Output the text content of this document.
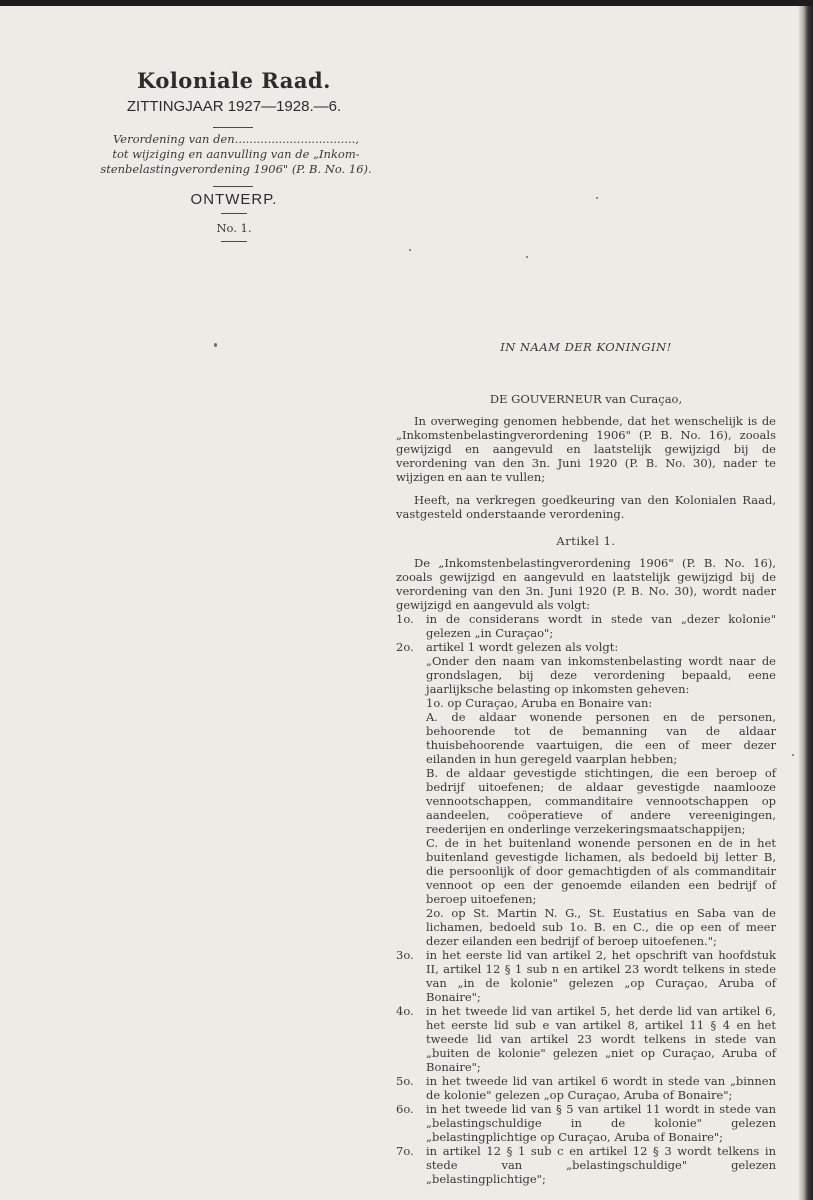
Koloniale Raad.
ZITTINGJAAR 1927—1928.—6.
Verordening van den.................................,
tot wijziging en aanvulling van de „Inkom-
stenbelastingverordening 1906" (P. B. No. 16).
ONTWERP.
No. 1.
IN NAAM DER KONINGIN!
DE GOUVERNEUR van Curaçao,
In overweging genomen hebbende, dat het wenschelijk is de „Inkomstenbelastingverordening 1906" (P. B. No. 16), zooals gewijzigd en aangevuld en laatstelijk gewijzigd bij de verordening van den 3n. Juni 1920 (P. B. No. 30), nader te wijzigen en aan te vullen;
Heeft, na verkregen goedkeuring van den Kolonialen Raad, vastgesteld onderstaande verordening.
Artikel 1.
De „Inkomstenbelastingverordening 1906" (P. B. No. 16), zooals gewijzigd en aangevuld en laatstelijk gewijzigd bij de verordening van den 3n. Juni 1920 (P. B. No. 30), wordt nader gewijzigd en aangevuld als volgt:
1o.	in de considerans wordt in stede van „dezer kolonie" gelezen „in Curaçao";
2o.	artikel 1 wordt gelezen als volgt:
„Onder den naam van inkomstenbelasting wordt naar de grondslagen, bij deze verordening bepaald, eene jaarlijksche belasting op inkomsten geheven:
1o. op Curaçao, Aruba en Bonaire van:
A. de aldaar wonende personen en de personen, behoorende tot de bemanning van de aldaar thuisbehoorende vaartuigen, die een of meer dezer eilanden in hun geregeld vaarplan hebben;
B. de aldaar gevestigde stichtingen, die een beroep of bedrijf uitoefenen; de aldaar gevestigde naamlooze vennootschappen, commanditaire vennootschappen op aandeelen, coöperatieve of andere vereenigingen, reederijen en onderlinge verzekeringsmaatschappijen;
C. de in het buitenland wonende personen en de in het buitenland gevestigde lichamen, als bedoeld bij letter B, die persoonlijk of door gemachtigden of als commanditair vennoot op een der genoemde eilanden een bedrijf of beroep uitoefenen;
2o. op St. Martin N. G., St. Eustatius en Saba van de lichamen, bedoeld sub 1o. B. en C., die op een of meer dezer eilanden een bedrijf of beroep uitoefenen.";
3o.	in het eerste lid van artikel 2, het opschrift van hoofdstuk II, artikel 12 § 1 sub n en artikel 23 wordt telkens in stede van „in de kolonie" gelezen „op Curaçao, Aruba of Bonaire";
4o.	in het tweede lid van artikel 5, het derde lid van artikel 6, het eerste lid sub e van artikel 8, artikel 11 § 4 en het tweede lid van artikel 23 wordt telkens in stede van „buiten de kolonie" gelezen „niet op Curaçao, Aruba of Bonaire";
5o.	in het tweede lid van artikel 6 wordt in stede van „binnen de kolonie" gelezen „op Curaçao, Aruba of Bonaire";
6o.	in het tweede lid van § 5 van artikel 11 wordt in stede van „belastingschuldige in de kolonie" gelezen „belastingplichtige op Curaçao, Aruba of Bonaire";
7o.	in artikel 12 § 1 sub c en artikel 12 § 3 wordt telkens in stede van „belastingschuldige" gelezen „belastingplichtige";
